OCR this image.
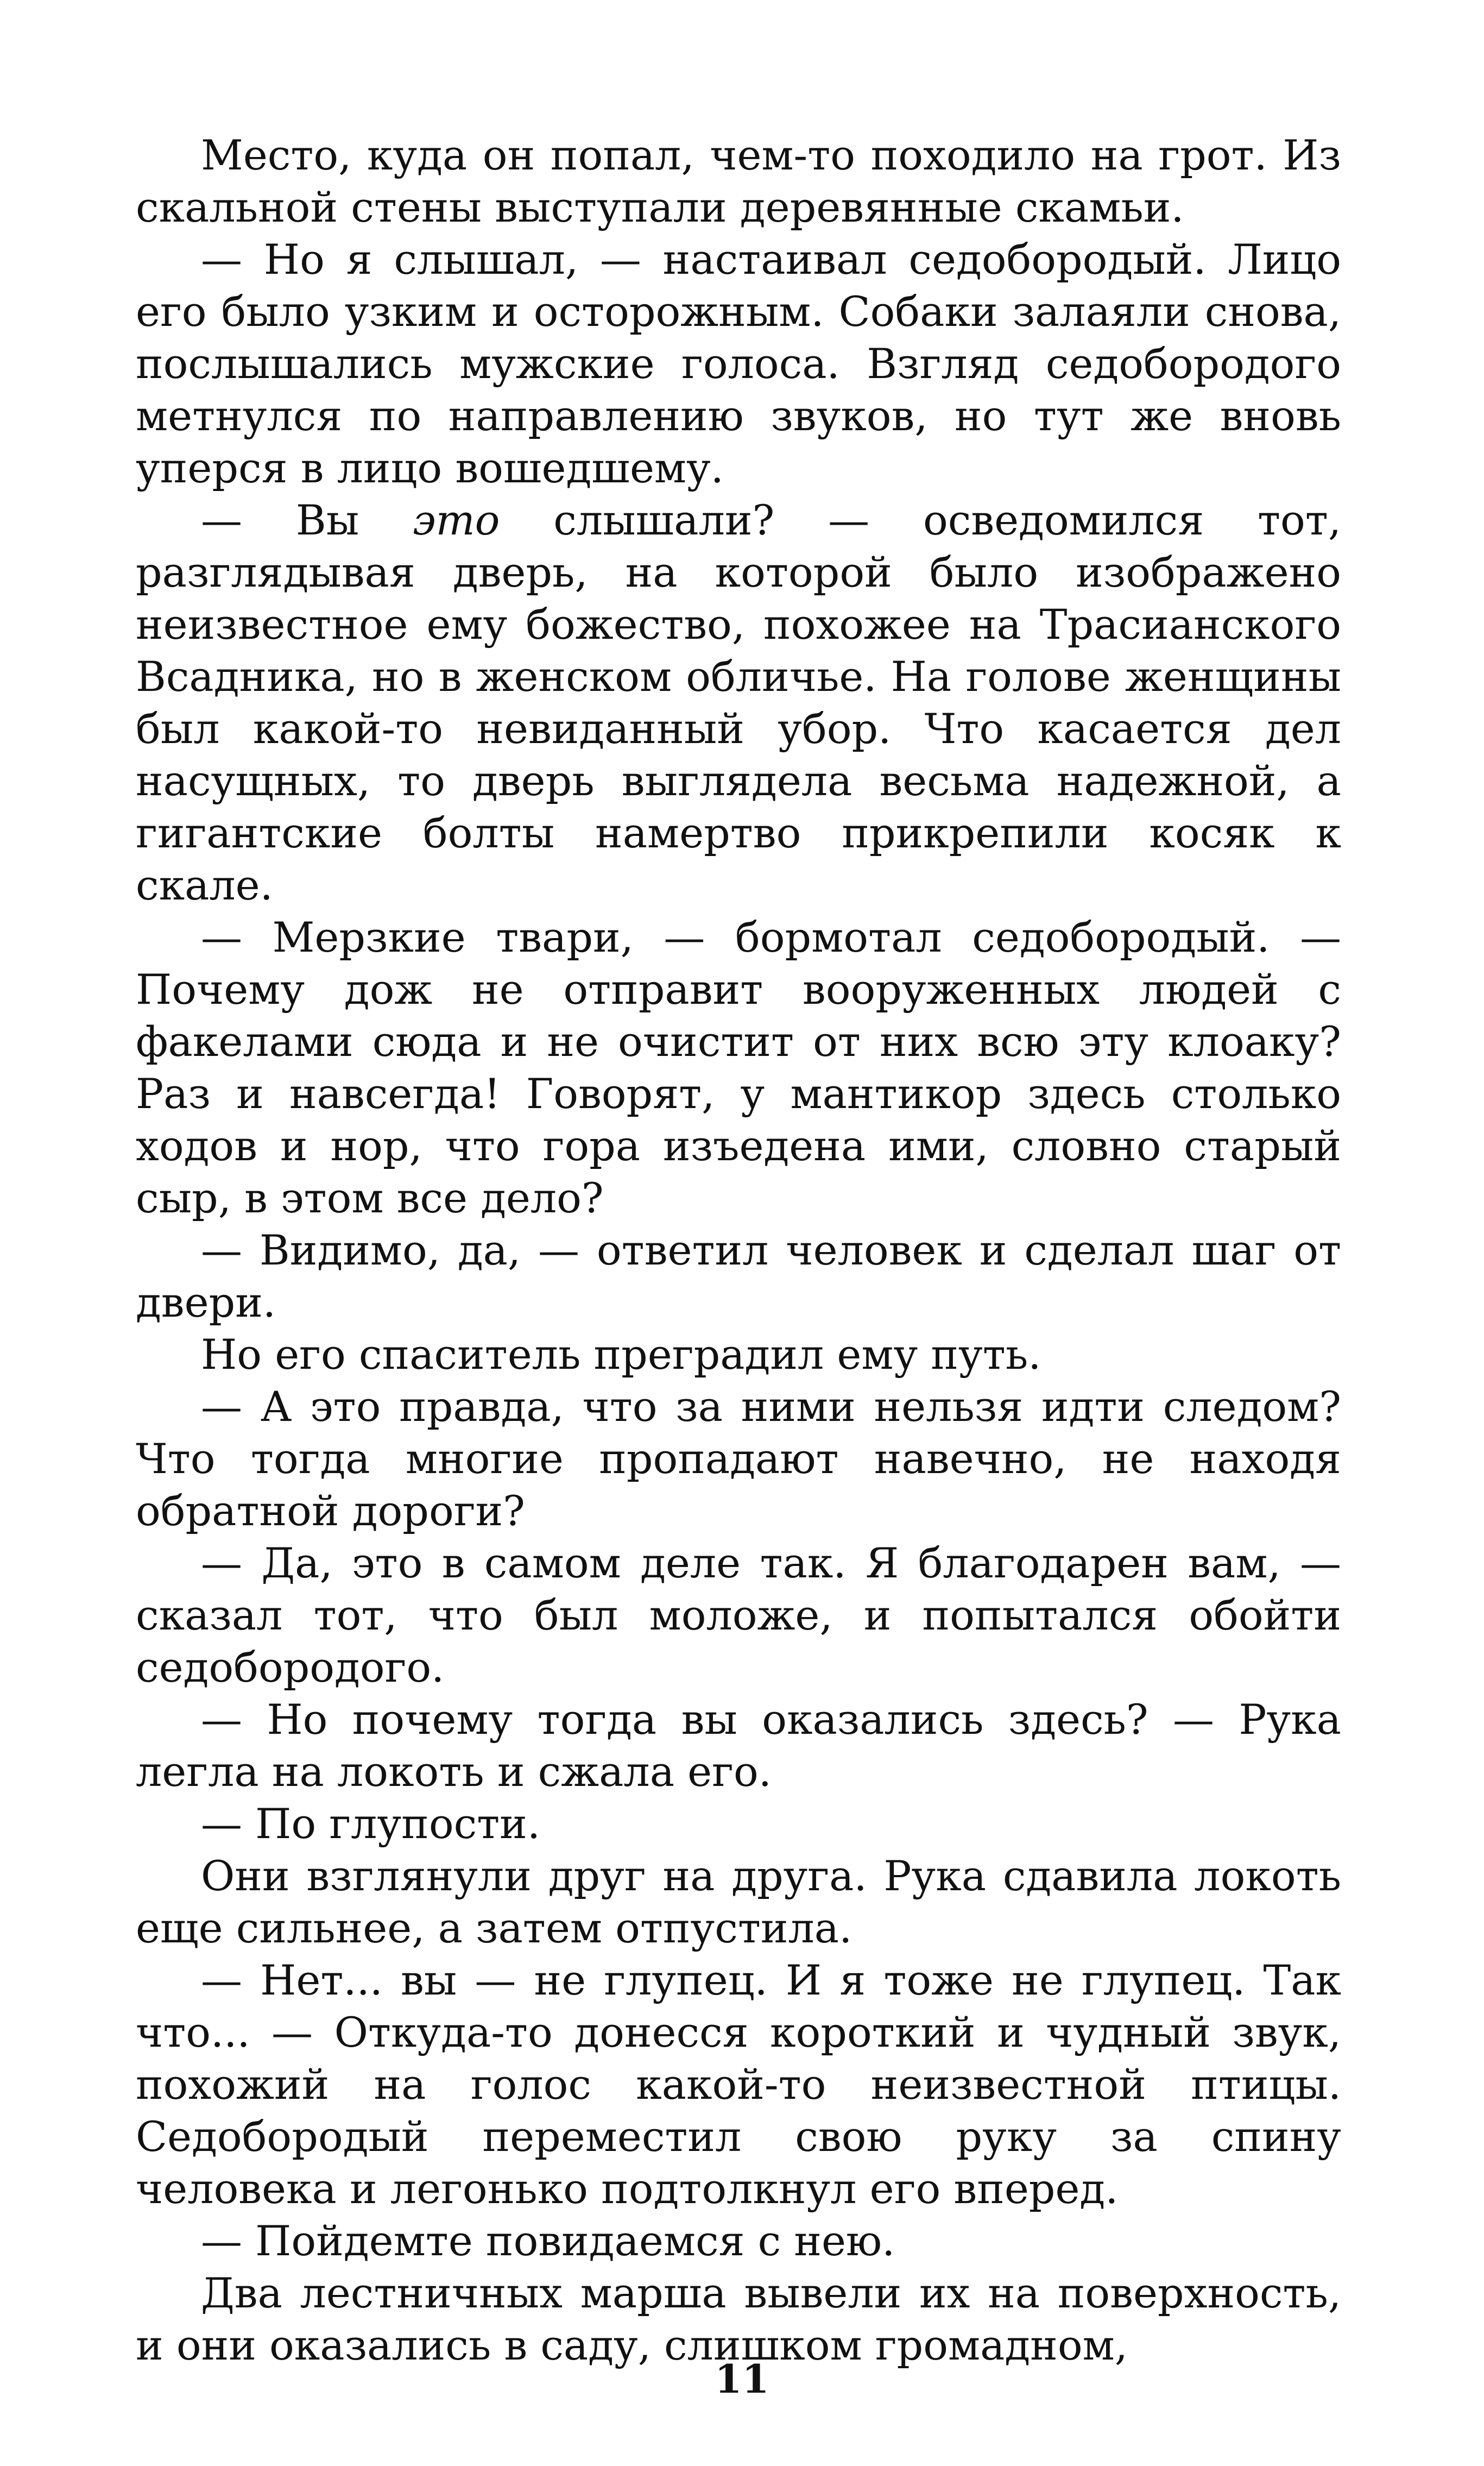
Место, куда он попал, чем-то походило на грот. Из скальной стены выступали деревянные скамьи.

— Но я слышал, — настаивал седобородый. Лицо его было узким и осторожным. Собаки залаяли снова, послышались мужские голоса. Взгляд седобородого метнулся по направлению звуков, но тут же вновь уперся в лицо вошедшему.

— Вы это слышали? — осведомился тот, разглядывая дверь, на которой было изображено неизвестное ему божество, похожее на Трасианского Всадника, но в женском обличье. На голове женщины был какой-то невиданный убор. Что касается дел насущных, то дверь выглядела весьма надежной, а гигантские болты намертво прикрепили косяк к скале.

— Мерзкие твари, — бормотал седобородый. — Почему дож не отправит вооруженных людей с факелами сюда и не очистит от них всю эту клоаку? Раз и навсегда! Говорят, у мантикор здесь столько ходов и нор, что гора изъедена ими, словно старый сыр, в этом все дело?

— Видимо, да, — ответил человек и сделал шаг от двери.

Но его спаситель преградил ему путь.

— А это правда, что за ними нельзя идти следом? Что тогда многие пропадают навечно, не находя обратной дороги?

— Да, это в самом деле так. Я благодарен вам, — сказал тот, что был моложе, и попытался обойти седобородого.

— Но почему тогда вы оказались здесь? — Рука легла на локоть и сжала его.

— По глупости.

Они взглянули друг на друга. Рука сдавила локоть еще сильнее, а затем отпустила.

— Нет... вы — не глупец. И я тоже не глупец. Так что... — Откуда-то донесся короткий и чудный звук, похожий на голос какой-то неизвестной птицы. Седобородый переместил свою руку за спину человека и легонько подтолкнул его вперед.

— Пойдемте повидаемся с нею.

Два лестничных марша вывели их на поверхность, и они оказались в саду, слишком громадном,

11
